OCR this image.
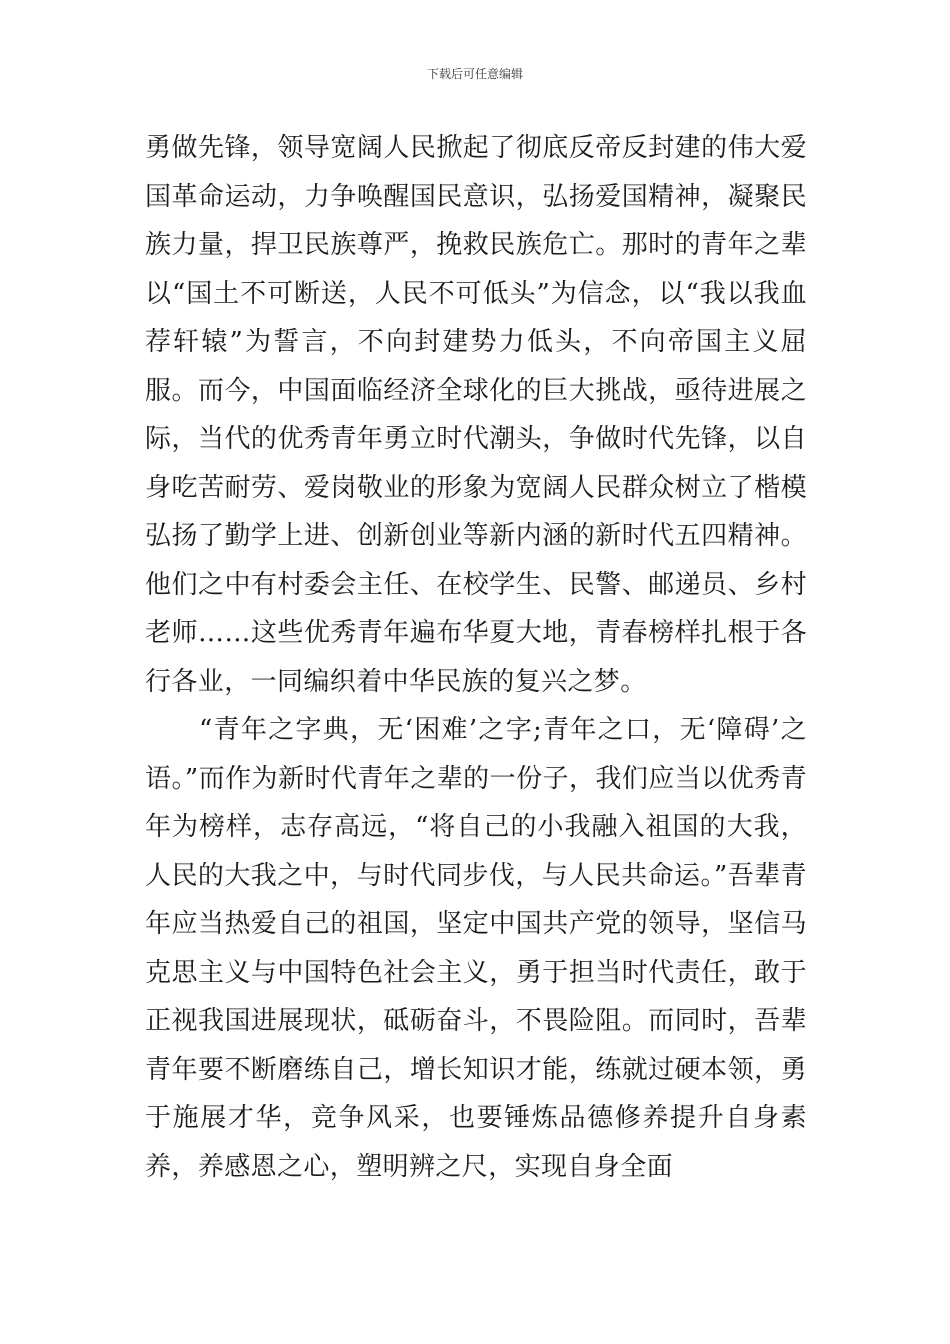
下载后可任意编辑

勇做先锋，领导宽阔人民掀起了彻底反帝反封建的伟大爱国革命运动，力争唤醒国民意识，弘扬爱国精神，凝聚民族力量，捍卫民族尊严，挽救民族危亡。那时的青年之辈以“国土不可断送，人民不可低头”为信念，以“我以我血荐轩辕”为誓言，不向封建势力低头，不向帝国主义屈服。而今，中国面临经济全球化的巨大挑战，亟待进展之际，当代的优秀青年勇立时代潮头，争做时代先锋，以自身吃苦耐劳、爱岗敬业的形象为宽阔人民群众树立了楷模弘扬了勤学上进、创新创业等新内涵的新时代五四精神。他们之中有村委会主任、在校学生、民警、邮递员、乡村老师……这些优秀青年遍布华夏大地，青春榜样扎根于各行各业，一同编织着中华民族的复兴之梦。

“青年之字典，无‘困难’之字;青年之口，无‘障碍’之语。”而作为新时代青年之辈的一份子，我们应当以优秀青年为榜样，志存高远，“将自己的小我融入祖国的大我，人民的大我之中，与时代同步伐，与人民共命运。”吾辈青年应当热爱自己的祖国，坚定中国共产党的领导，坚信马克思主义与中国特色社会主义，勇于担当时代责任，敢于正视我国进展现状，砥砺奋斗，不畏险阻。而同时，吾辈青年要不断磨练自己，增长知识才能，练就过硬本领，勇于施展才华，竞争风采，也要锤炼品德修养提升自身素养，养感恩之心，塑明辨之尺，实现自身全面
